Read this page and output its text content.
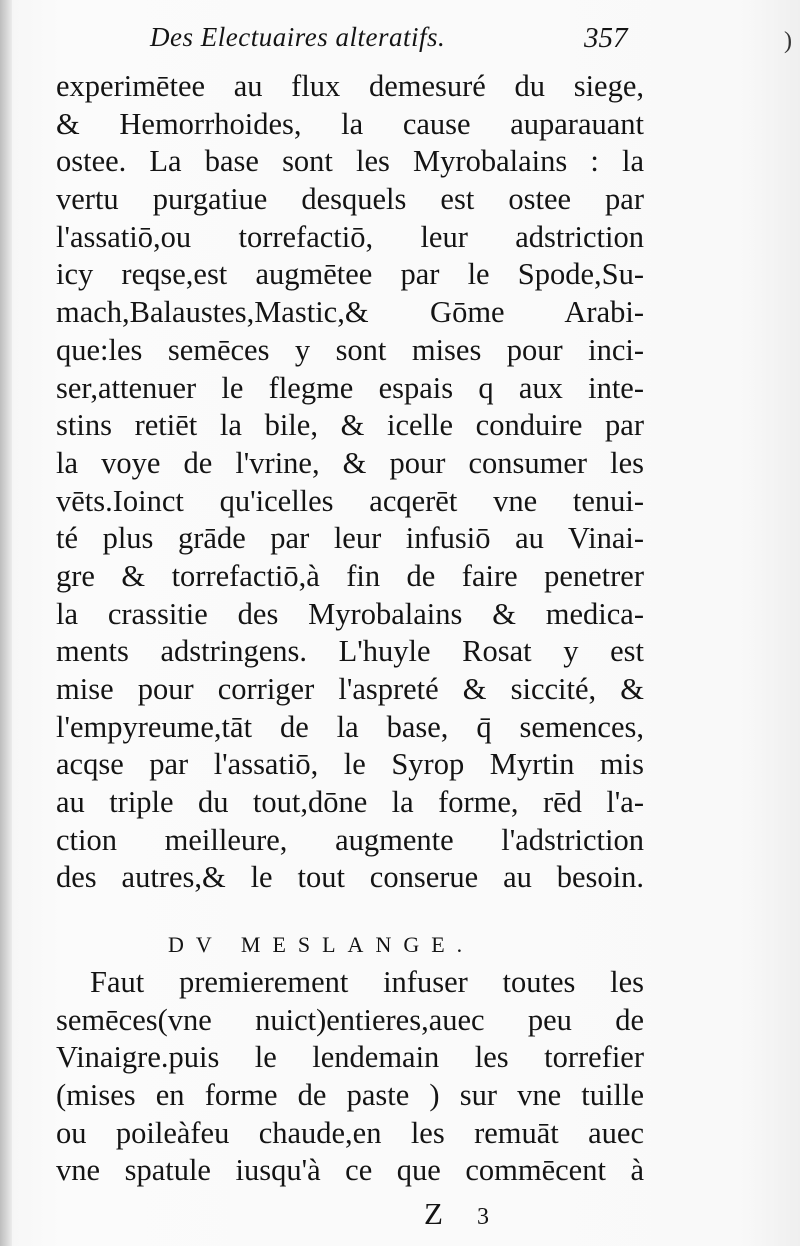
Des Electuaires alteratifs.	357	)
experimētee au flux demesuré du siege,
& Hemorrhoides, la cause auparauant
ostee. La base sont les Myrobalains : la
vertu purgatiue desquels est ostee par
l'assatiō,ou torrefactiō, leur adstriction
icy reqse,est augmētee par le Spode,Su-
mach,Balaustes,Mastic,& Gōme Arabi-
que:les semēces y sont mises pour inci-
ser,attenuer le flegme espais q aux inte-
stins retiēt la bile, & icelle conduire par
la voye de l'vrine, & pour consumer les
vēts.Ioinct qu'icelles acqerēt vne tenui-
té plus grāde par leur infusiō au Vinai-
gre & torrefactiō,à fin de faire penetrer
la crassitie des Myrobalains & medica-
ments adstringens. L'huyle Rosat y est
mise pour corriger l'aspreté & siccité, &
l'empyreume,tāt de la base, q̄ semences,
acqse par l'assatiō, le Syrop Myrtin mis
au triple du tout,dōne la forme, rēd l'a-
ction meilleure, augmente l'adstriction
des autres,& le tout conserue au besoin.
DV MESLANGE.
Faut premierement infuser toutes les
semēces(vne nuict)entieres,auec peu de
Vinaigre.puis le lendemain les torrefier
(mises en forme de paste ) sur vne tuille
ou poileàfeu chaude,en les remuāt auec
vne spatule iusqu'à ce que commēcent à
Z 3
